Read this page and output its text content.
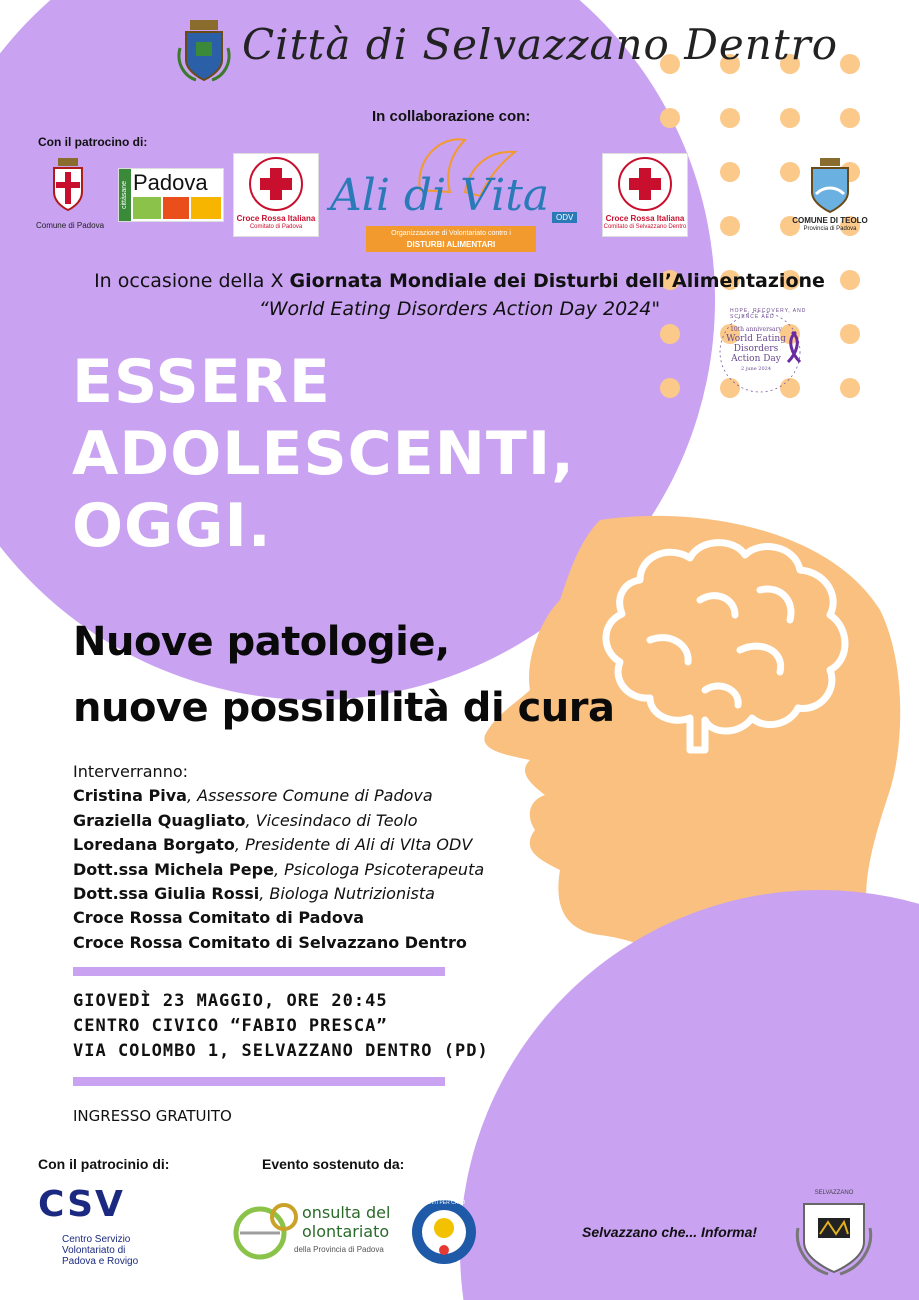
Città di Selvazzano Dentro
In collaborazione con:
Con il patrocino di:
Comune di Padova
cittàsane Padova
Croce Rossa Italiana
Comitato di Padova
Ali di Vita ODV
Organizzazione di Volontariato contro i
DISTURBI ALIMENTARI
Croce Rossa Italiana
Comitato di Selvazzano Dentro
COMUNE DI TEOLO
Provincia di Padova
In occasione della X Giornata Mondiale dei Disturbi dell’Alimentazione
“World Eating Disorders Action Day 2024"	HOPE, RECOVERY, AND SCIENCE AED
10th anniversary
World Eating
Disorders
Action Day
2 june 2024
ESSERE
ADOLESCENTI,
OGGI.
Nuove patologie,
nuove possibilità di cura
Interverranno:
Cristina Piva, Assessore Comune di Padova
Graziella Quagliato, Vicesindaco di Teolo
Loredana Borgato, Presidente di Ali di VIta ODV
Dott.ssa Michela Pepe, Psicologa Psicoterapeuta
Dott.ssa Giulia Rossi, Biologa Nutrizionista
Croce Rossa Comitato di Padova
Croce Rossa Comitato di Selvazzano Dentro
GIOVEDÌ 23 MAGGIO, ORE 20:45
CENTRO CIVICO “FABIO PRESCA”
VIA COLOMBO 1, SELVAZZANO DENTRO (PD)
INGRESSO GRATUITO
Con il patrocinio di:	Evento sostenuto da:
CSV
Centro Servizio Volontariato di Padova e Rovigo
onsulta del
olontariato
della Provincia di Padova
UTENTI PER CASO
Selvazzano che... Informa!
SELVAZZANO
